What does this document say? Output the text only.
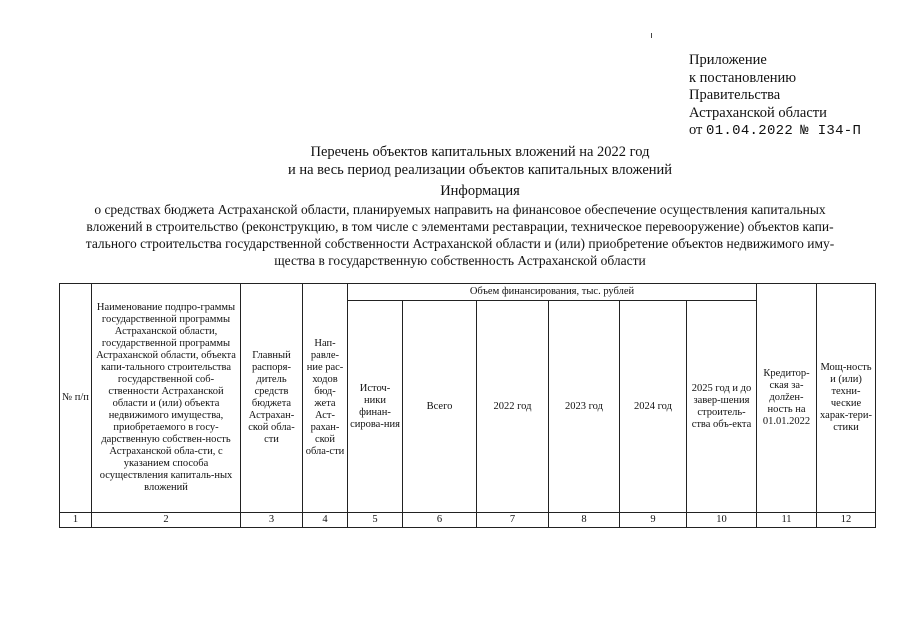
Приложение
к постановлению
Правительства
Астраханской области
от 01.04.2022 № I34-П
Перечень объектов капитальных вложений на 2022 год
и на весь период реализации объектов капитальных вложений
Информация
о средствах бюджета Астраханской области, планируемых направить на финансовое обеспечение осуществления капитальных
вложений в строительство (реконструкцию, в том числе с элементами реставрации, техническое перевооружение) объектов капи-
тального строительства государственной собственности Астраханской области и (или) приобретение объектов недвижимого иму-
щества в государственную собственность Астраханской области
№ п/п	Наименование подпро-граммы государственной программы Астраханской области, государственной программы Астраханской области, объекта капи-тального строительства государственной соб-ственности Астраханской области и (или) объекта недвижимого имущества, приобретаемого в госу-дарственную собствен-ность Астраханской обла-сти, с указанием способа осуществления капиталь-ных вложений	Главный распоря-дитель средств бюджета Астрахан-ской обла-сти	Нап-равле-ние рас-ходов бюд-жета Аст-рахан-ской обла-сти	Объем финансирования, тыс. рублей						Кредитор-ская за-долžен-ность на 01.01.2022	Мощ-ность и (или) техни-ческие харак-тери-стики
				Источ-ники финан-сирова-ния	Всего	2022 год	2023 год	2024 год	2025 год и до завер-шения строитель-ства объ-екта		
1	2	3	4	5	6	7	8	9	10	11	12
